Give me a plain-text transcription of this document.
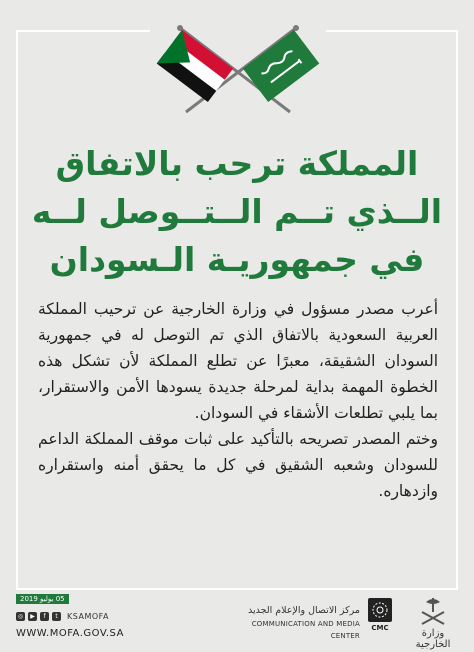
المملكة ترحب بالاتفاق
الــذي تــم الــتــوصل لــه
في جمهوريـة الـسودان

أعرب مصدر مسؤول في وزارة الخارجية عن ترحيب المملكة العربية السعودية بالاتفاق الذي تم التوصل له في جمهورية السودان الشقيقة، معبرًا عن تطلع المملكة لأن تشكل هذه الخطوة المهمة بداية لمرحلة جديدة يسودها الأمن والاستقرار، بما يلبي تطلعات الأشقاء في السودان.

وختم المصدر تصريحه بالتأكيد على ثبات موقف المملكة الداعم للسودان وشعبه الشقيق في كل ما يحقق أمنه واستقراره وازدهاره.

05 يوليو 2019
◎	▶	f	t	KSAMOFA
WWW.MOFA.GOV.SA
مركز الاتصال والإعلام الجديد
COMMUNICATION AND MEDIA CENTER
CMC	وزارة الخارجية
